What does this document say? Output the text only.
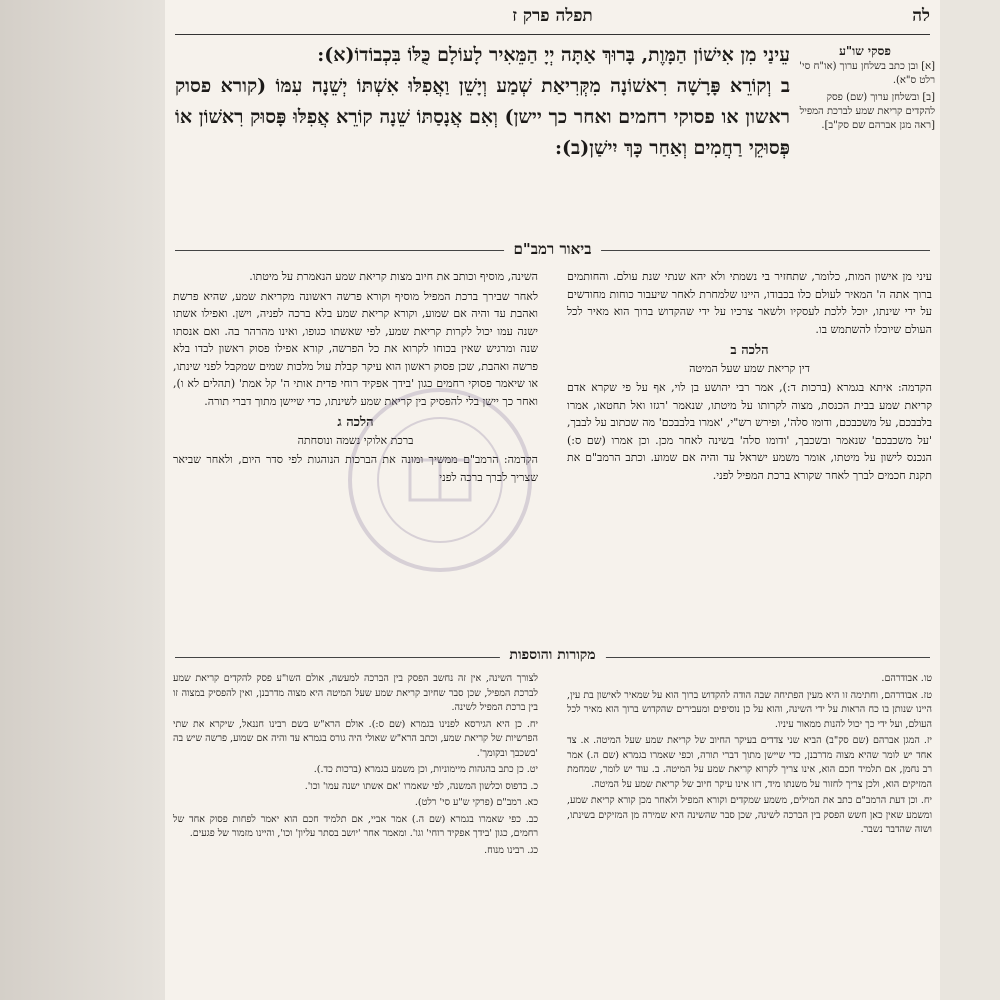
לה
תפלה פרק ז

עֵינַי מִן אִישׁוֹן הַמָּוֶת, בָּרוּךְ אַתָּה יְיָ הַמֵּאִיר לָעוֹלָם כֻּלּוֹ בִּכְבוֹדוֹ(א):

ב וְקוֹרֵא פָּרָשָׁה רִאשׁוֹנָה מִקְּרִיאַת שְׁמַע וְיָשֵׁן וַאֲפִלּוּ אִשְׁתּוֹ יְשֵׁנָה עִמּוֹ (קורא פסוק ראשון או פסוקי רחמים ואחר כך יישן) וְאִם אֲנָסַתּוֹ שֵׁנָה קוֹרֵא אֲפִלּוּ פָּסוּק רִאשׁוֹן אוֹ פְּסוּקֵי רַחֲמִים וְאַחַר כָּךְ יִישַׁן(ב):

פסקי שו"ע

[א] ובן כתב בשלחן ערוך (או"ח סי' רלט ס"א).

[ב] ובשלחן ערוך (שם) פסק להקדים קריאת שמע לברכת המפיל [ראה מגן אברהם שם סק"ב].

ביאור רמב"ם

עיני מן אישון המות, כלומר, שתחזיר בי נשמתי ולא יהא שנתי שנת עולם. והחותמים ברוך אתה ה' המאיר לעולם כלו בכבודו, היינו שלמחרת לאחר שיעבור כוחות מחודשים על ידי שינתו, יוכל ללכת לעסקיו ולשאר צרכיו על ידי שהקדוש ברוך הוא מאיר לכל העולם שיוכלו להשתמש בו.

הלכה ב
דין קריאת שמע שעל המיטה

הקדמה: איתא בגמרא (ברכות ד:), אמר רבי יהושע בן לוי, אף על פי שקרא אדם קריאת שמע בבית הכנסת, מצוה לקרותו על מיטתו, שנאמר 'רגזו ואל תחטאו, אמרו בלבבכם, על משכבכם, ודומו סלה', ופירש רש"י, 'אמרו בלבבכם' מה שכתוב על לבבך, 'על משכבכם' שנאמר ובשכבך, 'ודומו סלה' בשינה לאחר מכן. וכן אמרו (שם ס:) הנכנס לישון על מיטתו, אומר משמע ישראל עד והיה אם שמוע. וכתב הרמב"ם את תקנת חכמים לברך לאחר שקורא ברכת המפיל לפני.

השינה, מוסיף וכותב את חיוב מצות קריאת שמע הנאמרת על מיטתו.

לאחר שבירך ברכת המפיל מוסיף וקורא פרשה ראשונה מקריאת שמע, שהיא פרשת ואהבת עד והיה אם שמוע, וקורא קריאת שמע בלא ברכה לפניה, וישן. ואפילו אשתו ישנה עמו יכול לקרות קריאת שמע, לפי שאשתו כגופו, ואינו מהרהר בה. ואם אנסתו שנה ומרגיש שאין בכוחו לקרוא את כל הפרשה, קורא אפילו פסוק ראשון לבדו בלא פרשה ואהבת, שכן פסוק ראשון הוא עיקר קבלת עול מלכות שמים שמקבל לפני שינתו, או שיאמר פסוקי רחמים כגון 'בידך אפקיד רוחי פדית אותי ה' קל אמת' (תהלים לא ו), ואחר כך יישן בלי להפסיק בין קריאת שמע לשינתו, כדי שיישן מתוך דברי תורה.

הלכה ג
ברכת אלוקי נשמה ונוסחתה

הקדמה: הרמב"ם ממשיך ומונה את הברכות הנוהגות לפי סדר היום, ולאחר שביאר שצריך לברך ברכה לפני

מקורות והוספות

טו. אבודרהם.

טז. אבודרהם, וחתימה זו היא מעין הפתיחה שבה הודה להקדוש ברוך הוא על שמאיר לאישון בת עין, היינו שנותן בו כח הראות על ידי השינה, והוא על כן נוסיפים ומעבירים שהקדוש ברוך הוא מאיר לכל העולם, ועל ידי כך יכול להנות ממאור עיניו.

יז. המגן אברהם (שם סק"ב) הביא שני צדדים בעיקר החיוב של קריאת שמע שעל המיטה. א. צד אחד יש לומר שהיא מצוה מדרבנן, כדי שיישן מתוך דברי תורה, וכפי שאמרו בגמרא (שם ה.) אמר רב נחמן, אם תלמיד חכם הוא, אינו צריך לקרוא קריאת שמע על המיטה. ב. עוד יש לומר, שמחמת המזיקים הוא, ולכן צריך לחזור על משנתו מיד, דזו אינו עיקר חיוב של קריאת שמע על המיטה.

יח. וכן דעת הרמב"ם כתב את המילים, משמע שמקדים וקורא המפיל ולאחר מכן קורא קריאת שמע, ומשמע שאין כאן חשש הפסק בין הברכה לשינה, שכן סבר שהשינה היא שמירה מן המזיקים בשינתו, ושזה שהדבר נשבר.

לצורך השינה, אין זה נחשב הפסק בין הברכה למעשה, אולם השו"ע פסק להקדים קריאת שמע לברכת המפיל, שכן סבר שחיוב קריאת שמע שעל המיטה היא מצוה מדרבנן, ואין להפסיק במצוה זו בין ברכת המפיל לשינה.

יח. כן היא הגירסא לפנינו בגמרא (שם ס:). אולם הרא"ש בשם רבינו חננאל, שיקרא את שתי הפרשיות של קריאת שמע, וכתב הרא"ש שאולי היה גורס בגמרא עד והיה אם שמוע, פרשה שיש בה 'בשכבך ובקומך'.

יט. כן כתב בהגהות מיימוניות, וכן משמע בגמרא (ברכות כד.).

כ. בדפוס וכלשון המשנה, לפי שאמרו 'אם אשתו ישנה עמו' וכו'.

כא. רמב"ם (פרקי ש"ע סי' רלט).

כב. כפי שאמרו בגמרא (שם ה.) אמר אביי, אם תלמיד חכם הוא יאמר לפחות פסוק אחד של רחמים, כגון 'בידך אפקיד רוחי' וגו'. ומאמר אחר 'יושב בסתר עליון' וכו', והיינו מזמור של פגעים.

כג. רבינו מנוח.
